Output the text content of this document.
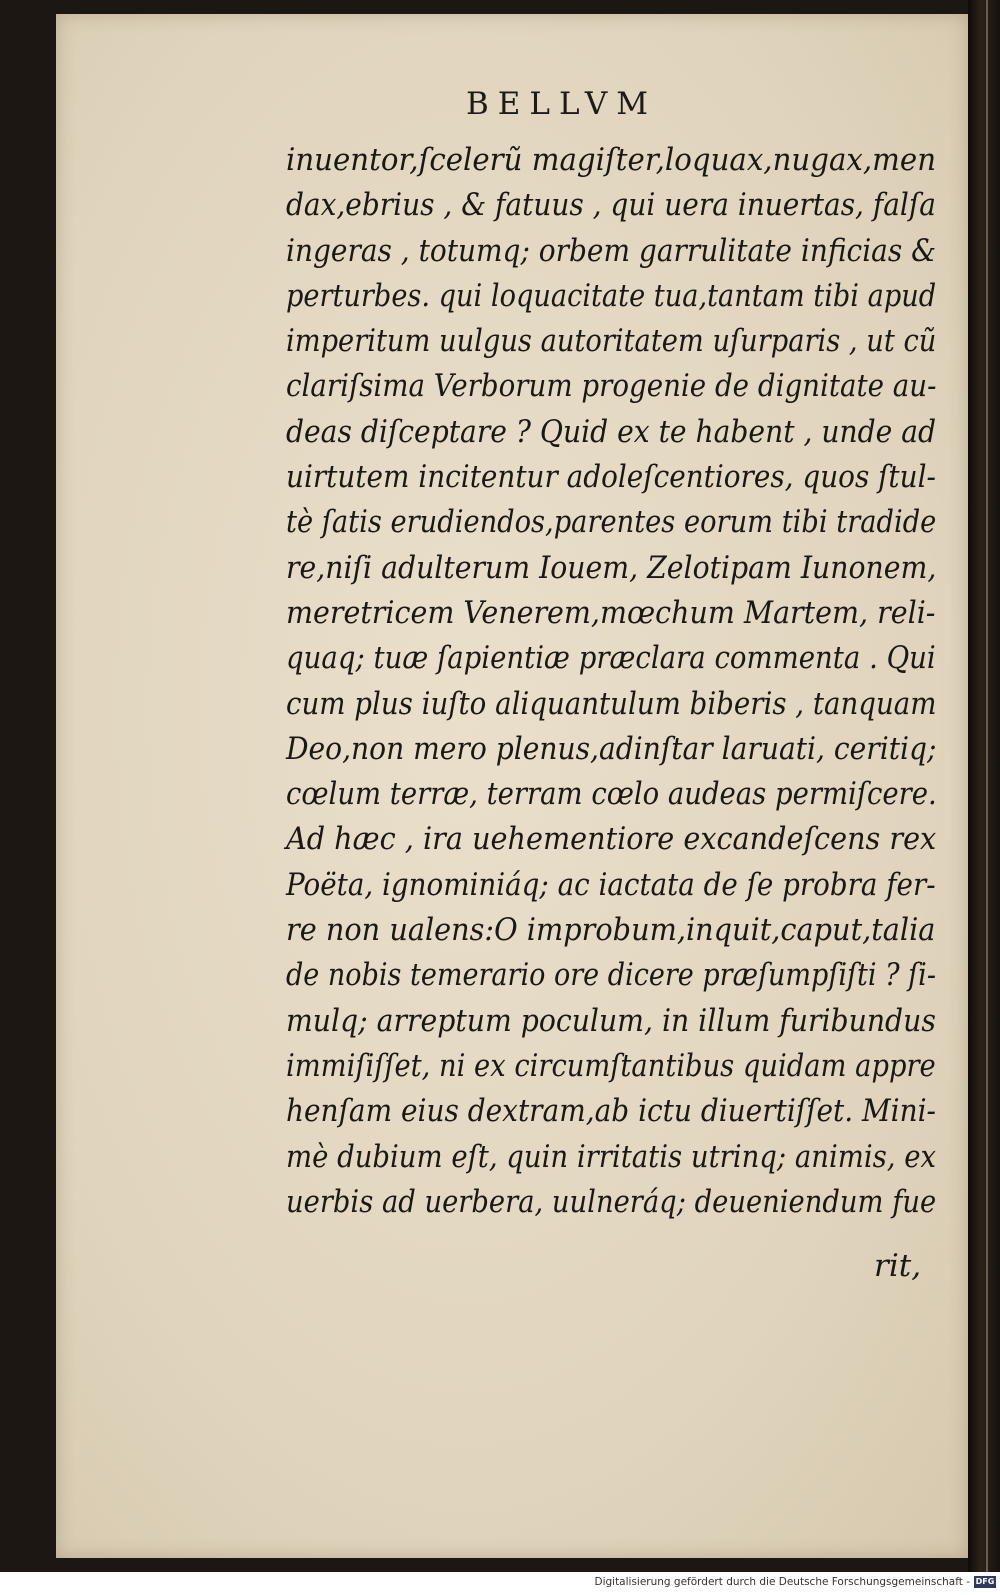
BELLVM
inuentor,ſcelerũ magiſter,loquax,nugax,men dax,ebrius , & fatuus , qui uera inuertas, falſa ingeras , totumq; orbem garrulitate inficias & perturbes. qui loquacitate tua,tantam tibi apud imperitum uulgus autoritatem uſurparis , ut cũ clariſsima Verborum progenie de dignitate au- deas diſceptare ? Quid ex te habent , unde ad uirtutem incitentur adoleſcentiores, quos ſtul- tè ſatis erudiendos,parentes eorum tibi tradide re,niſi adulterum Iouem, Zelotipam Iunonem, meretricem Venerem,mœchum Martem, reli- quaq; tuæ ſapientiæ præclara commenta . Qui cum plus iuſto aliquantulum biberis , tanquam Deo,non mero plenus,adinſtar laruati, ceritiq; cœlum terræ, terram cœlo audeas permiſcere. Ad hæc , ira uehementiore excandeſcens rex Poëta, ignominiáq; ac iactata de ſe probra fer- re non ualens:O improbum,inquit,caput,talia de nobis temerario ore dicere præſumpſiſti ? ſi- mulq; arreptum poculum, in illum furibundus immiſiſſet, ni ex circumſtantibus quidam appre henſam eius dextram,ab ictu diuertiſſet. Mini- mè dubium eſt, quin irritatis utrinq; animis, ex uerbis ad uerbera, uulneráq; deueniendum fue
rit,
Digitalisierung gefördert durch die Deutsche Forschungsgemeinschaft - DFG
